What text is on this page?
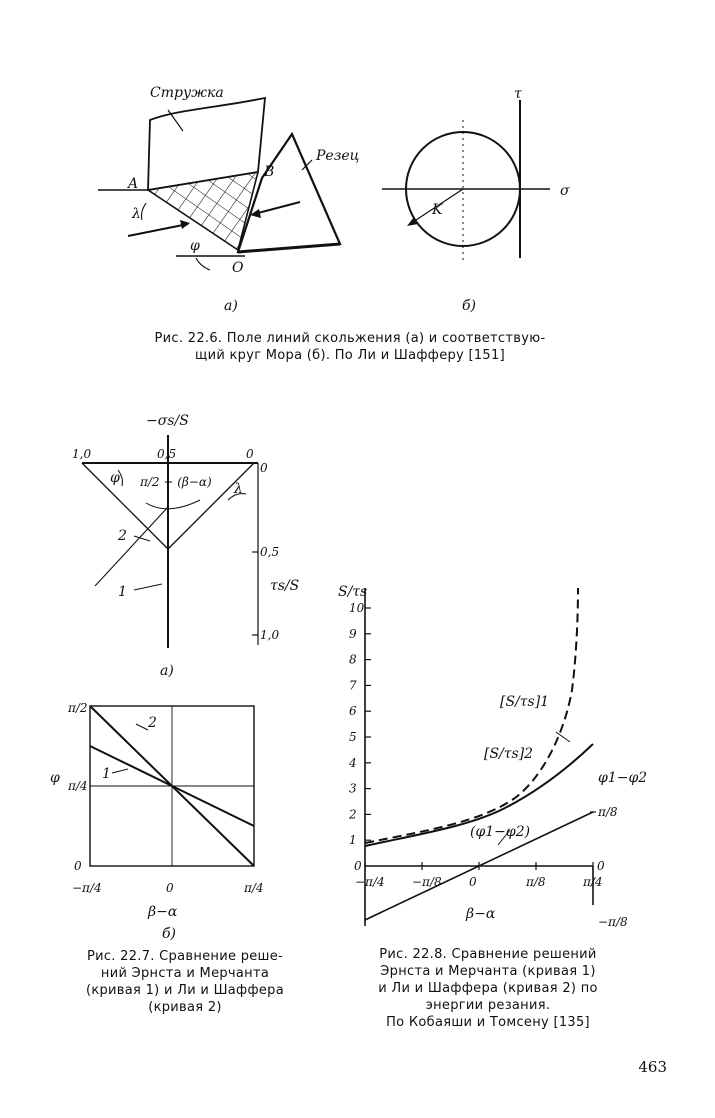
Стружка
Резец
A
B
O
λ
φ
а)
τ
σ
K
б)
1,0	0,5	0
0
0,5
1,0
−σs/S
τs/S
φ π/2 + (β−α) λ
2
1
а)
π/2
π/4
φ
0
−π/4	0	π/4
β−α
2
1
б)
1
2
3
4
5
6
7
8
9
10
−π/4 −π/8 0	π/8	π/4
S/τs
0	0
π/8
−π/8
φ1−φ2
β−α
[S/τs]1
[S/τs]2
(φ1−φ2)
Рис. 22.6. Поле линий скольжения (а) и соответствую-
щий круг Мора (б). По Ли и Шафферу [151]
Рис. 22.7. Сравнение реше-
ний Эрнста и Мерчанта
(кривая 1) и Ли и Шаффера
(кривая 2)
Рис. 22.8. Сравнение решений
Эрнста и Мерчанта (кривая 1)
и Ли и Шаффера (кривая 2) по
энергии резания.
По Кобаяши и Томсену [135]
463
